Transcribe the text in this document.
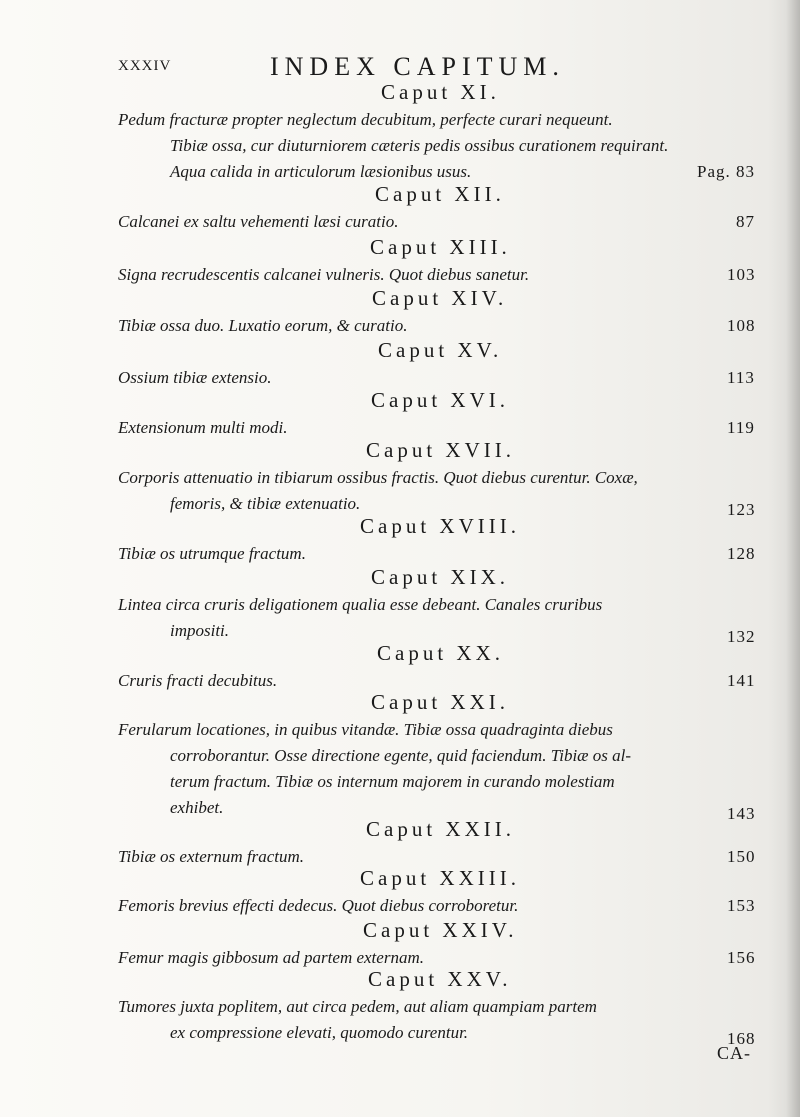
XXXIV	INDEX CAPITUM.
Caput XI.
Pedum fracturæ propter neglectum decubitum, perfecte curari nequeunt.
Tibiæ ossa, cur diuturniorem cæteris pedis ossibus curationem requirant.
Aqua calida in articulorum læsionibus usus.	Pag. 83
Caput XII.
Calcanei ex saltu vehementi læsi curatio.	87
Caput XIII.
Signa recrudescentis calcanei vulneris. Quot diebus sanetur.	103
Caput XIV.
Tibiæ ossa duo. Luxatio eorum, & curatio.	108
Caput XV.
Ossium tibiæ extensio.	113
Caput XVI.
Extensionum multi modi.	119
Caput XVII.
Corporis attenuatio in tibiarum ossibus fractis. Quot diebus curentur. Coxæ,
femoris, & tibiæ extenuatio.	123
Caput XVIII.
Tibiæ os utrumque fractum.	128
Caput XIX.
Lintea circa cruris deligationem qualia esse debeant. Canales cruribus
impositi.	132
Caput XX.
Cruris fracti decubitus.	141
Caput XXI.
Ferularum locationes, in quibus vitandæ. Tibiæ ossa quadraginta diebus
corroborantur. Osse directione egente, quid faciendum. Tibiæ os al-
terum fractum. Tibiæ os internum majorem in curando molestiam
exhibet.	143
Caput XXII.
Tibiæ os externum fractum.	150
Caput XXIII.
Femoris brevius effecti dedecus. Quot diebus corroboretur.	153
Caput XXIV.
Femur magis gibbosum ad partem externam.	156
Caput XXV.
Tumores juxta poplitem, aut circa pedem, aut aliam quampiam partem
ex compressione elevati, quomodo curentur.	168
CA-
